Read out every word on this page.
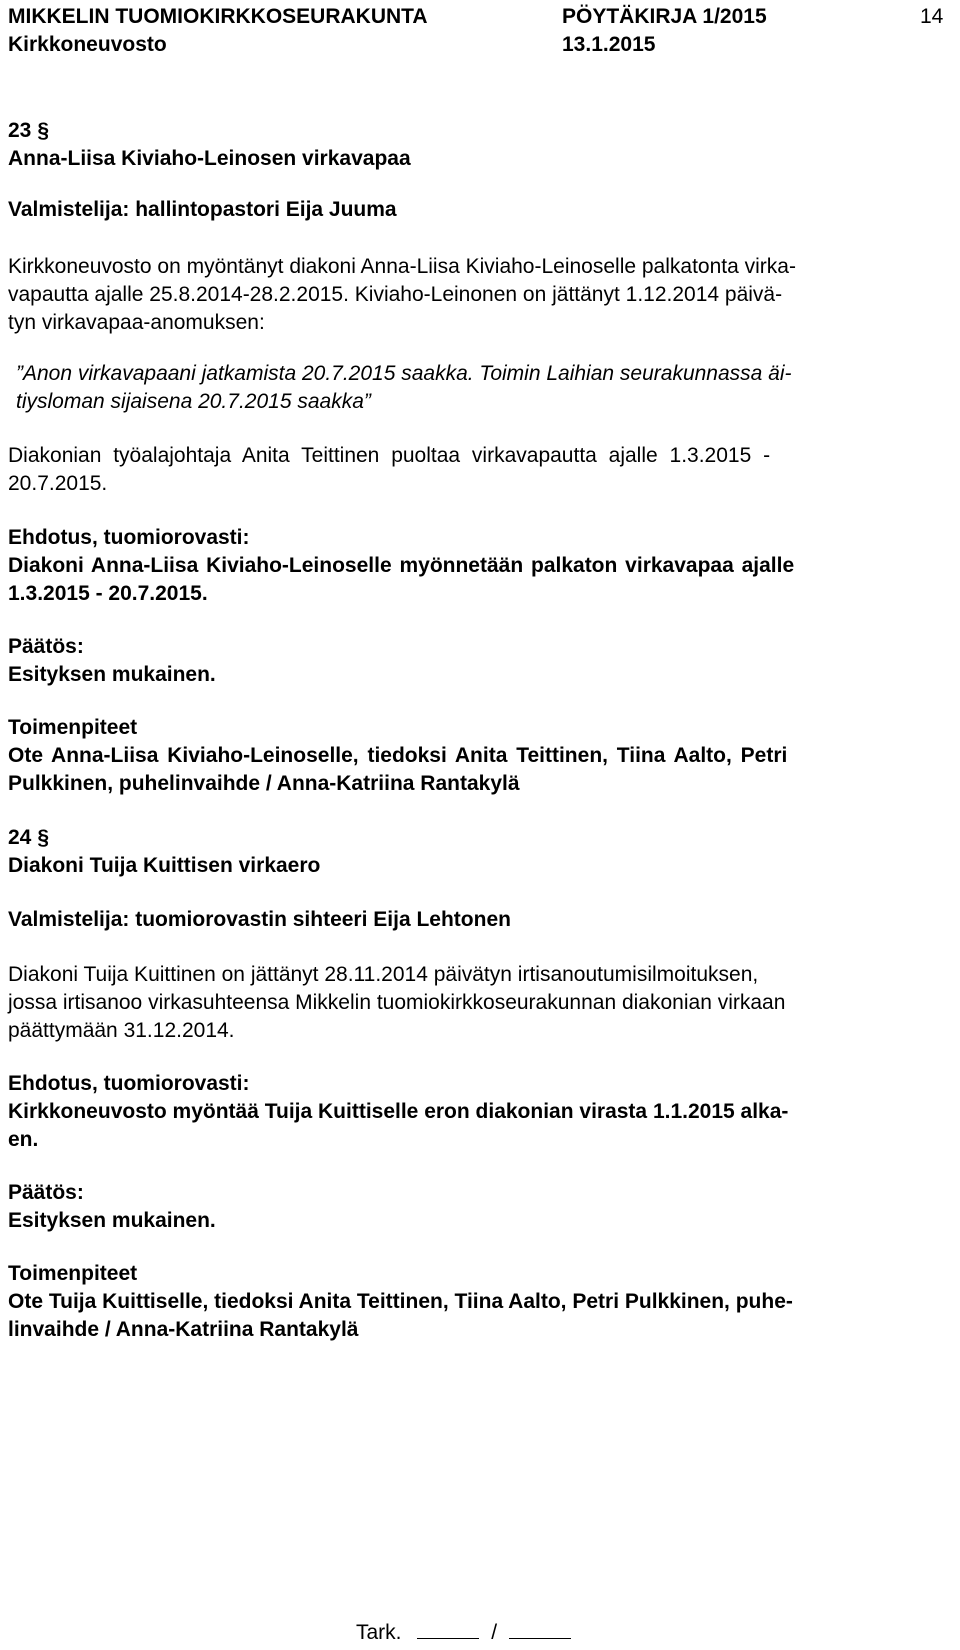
MIKKELIN TUOMIOKIRKKOSEURAKUNTA	PÖYTÄKIRJA 1/2015	14
Kirkkoneuvosto	13.1.2015
23 §
Anna-Liisa Kiviaho-Leinosen virkavapaa
Valmistelija: hallintopastori Eija Juuma
Kirkkoneuvosto on myöntänyt diakoni Anna-Liisa Kiviaho-Leinoselle palkatonta virka-
vapautta ajalle 25.8.2014-28.2.2015. Kiviaho-Leinonen on jättänyt 1.12.2014 päivä-
tyn virkavapaa-anomuksen:
”Anon virkavapaani jatkamista 20.7.2015 saakka. Toimin Laihian seurakunnassa äi-
tiysloman sijaisena 20.7.2015 saakka”
Diakonian työalajohtaja Anita Teittinen puoltaa virkavapautta ajalle 1.3.2015 -
20.7.2015.
Ehdotus, tuomiorovasti:
Diakoni Anna-Liisa Kiviaho-Leinoselle myönnetään palkaton virkavapaa ajalle
1.3.2015 - 20.7.2015.
Päätös:
Esityksen mukainen.
Toimenpiteet
Ote Anna-Liisa Kiviaho-Leinoselle, tiedoksi Anita Teittinen, Tiina Aalto, Petri
Pulkkinen, puhelinvaihde / Anna-Katriina Rantakylä
24 §
Diakoni Tuija Kuittisen virkaero
Valmistelija: tuomiorovastin sihteeri Eija Lehtonen
Diakoni Tuija Kuittinen on jättänyt 28.11.2014 päivätyn irtisanoutumisilmoituksen,
jossa irtisanoo virkasuhteensa Mikkelin tuomiokirkkoseurakunnan diakonian virkaan
päättymään 31.12.2014.
Ehdotus, tuomiorovasti:
Kirkkoneuvosto myöntää Tuija Kuittiselle eron diakonian virasta 1.1.2015 alka-
en.
Päätös:
Esityksen mukainen.
Toimenpiteet
Ote Tuija Kuittiselle, tiedoksi Anita Teittinen, Tiina Aalto, Petri Pulkkinen, puhe-
linvaihde / Anna-Katriina Rantakylä
Tark.	/
